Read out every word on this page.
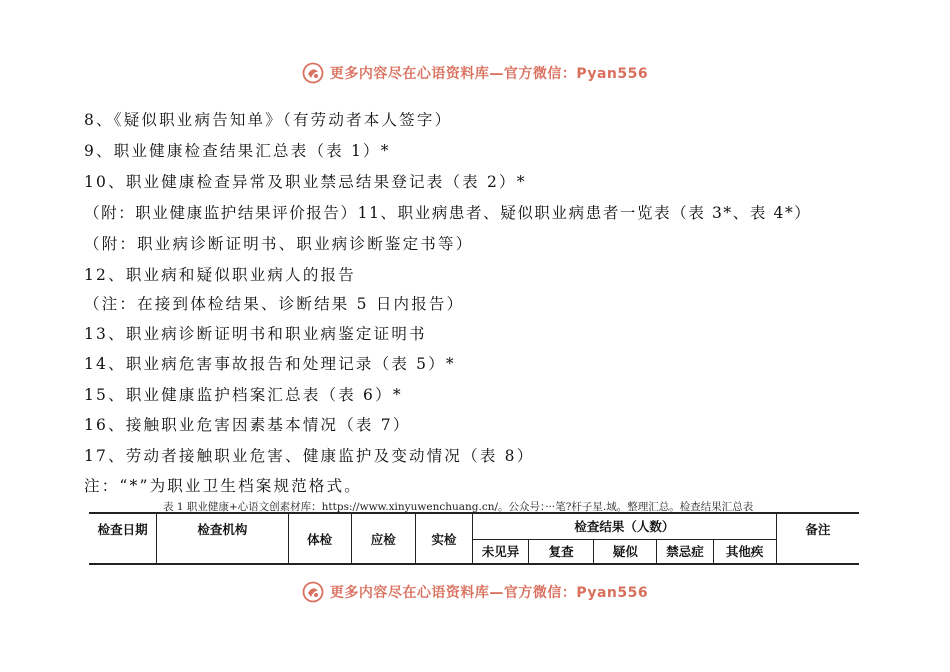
更多内容尽在心语资料库—官方微信：Pyan556
8、《疑似职业病告知单》（有劳动者本人签字）
9、职业健康检查结果汇总表（表 1）*
10、职业健康检查异常及职业禁忌结果登记表（表 2）*
（附：职业健康监护结果评价报告）11、职业病患者、疑似职业病患者一览表（表 3*、表 4*）
（附：职业病诊断证明书、职业病诊断鉴定书等）
12、职业病和疑似职业病人的报告
（注：在接到体检结果、诊断结果 5 日内报告）
13、职业病诊断证明书和职业病鉴定证明书
14、职业病危害事故报告和处理记录（表 5）*
15、职业健康监护档案汇总表（表 6）*
16、接触职业危害因素基本情况（表 7）
17、劳动者接触职业危害、健康监护及变动情况（表 8）
注：“*”为职业卫生档案规范格式。
表 1 职业健康+心语文创素材库：https://www.xinyuwenchuang.cn/。公众号：···笔?杆子星.域。整理汇总。检查结果汇总表
检查日期	检查机构	体检	应检	实检	检查结果（人数）					备注
					未见异	复查	疑似	禁忌症	其他疾	
更多内容尽在心语资料库—官方微信：Pyan556
